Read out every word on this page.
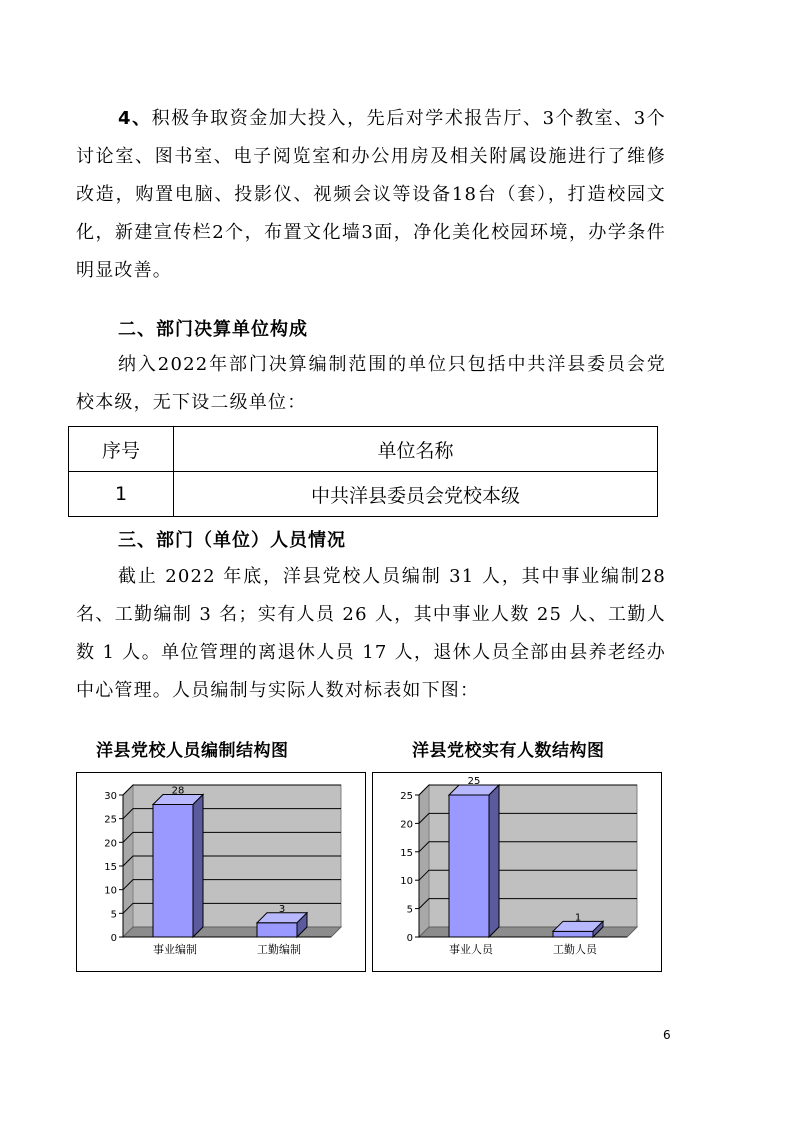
4、积极争取资金加大投入，先后对学术报告厅、3个教室、3个讨论室、图书室、电子阅览室和办公用房及相关附属设施进行了维修改造，购置电脑、投影仪、视频会议等设备18台（套），打造校园文化，新建宣传栏2个，布置文化墙3面，净化美化校园环境，办学条件明显改善。

二、部门决算单位构成

纳入2022年部门决算编制范围的单位只包括中共洋县委员会党校本级，无下设二级单位：

序号	单位名称
1	中共洋县委员会党校本级

三、部门（单位）人员情况

截止 2022 年底，洋县党校人员编制 31 人，其中事业编制28名、工勤编制 3 名；实有人员 26 人，其中事业人数 25 人、工勤人数 1 人。单位管理的离退休人员 17 人，退休人员全部由县养老经办中心管理。人员编制与实际人数对标表如下图：

洋县党校人员编制结构图	洋县党校实有人数结构图

0
5
10
15
20
25
30
28
事业编制
3
工勤编制
0
5
10
15
20
25
25
事业人员
1
工勤人员
6
